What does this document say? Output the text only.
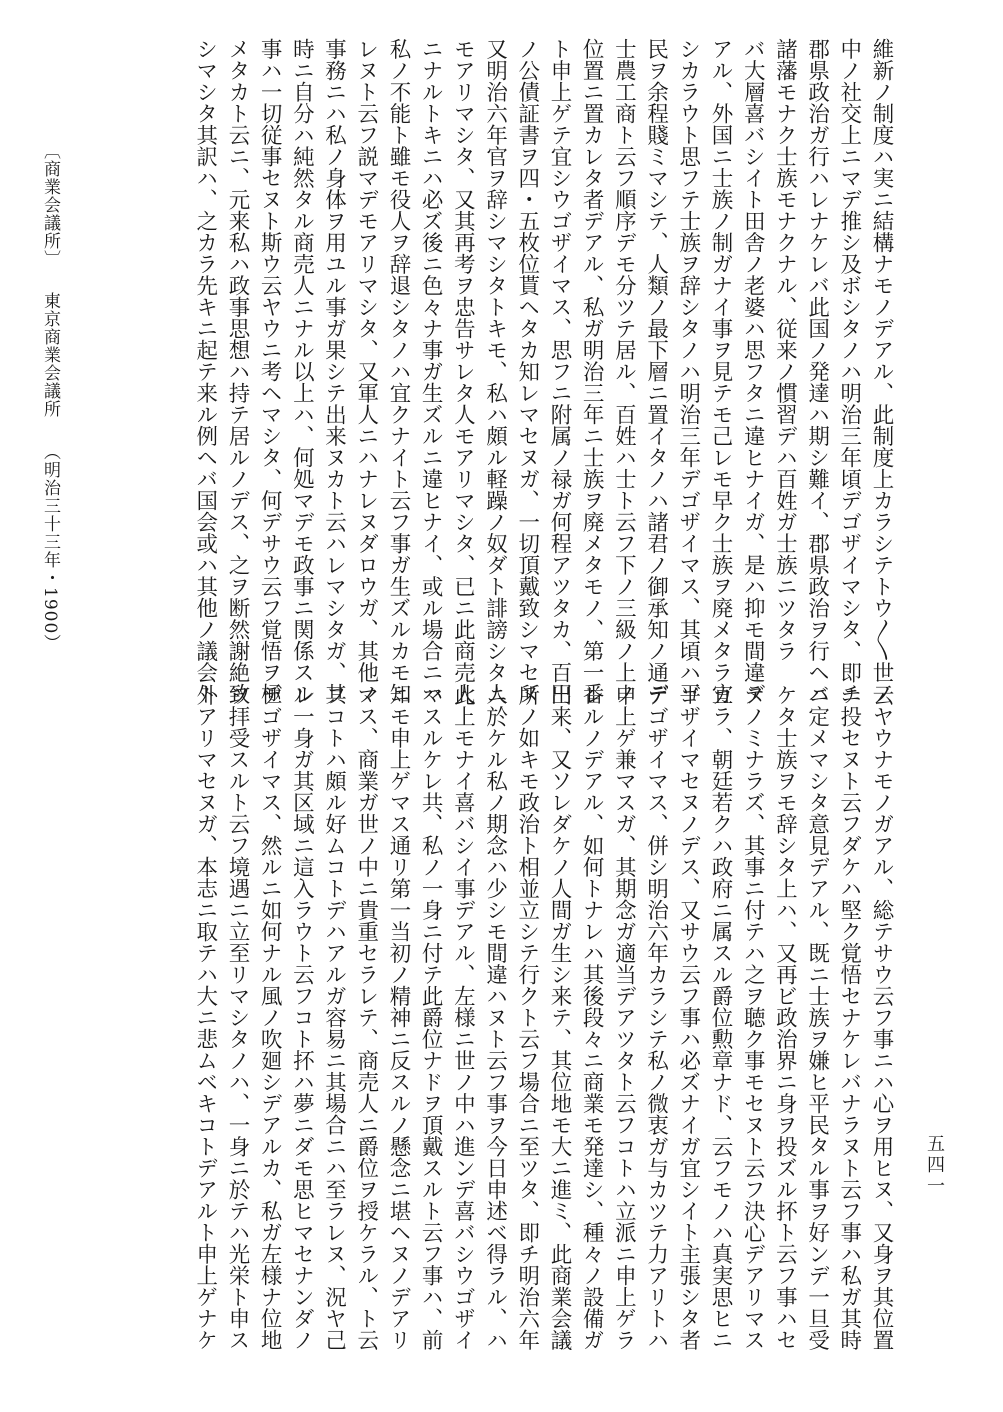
維新ノ制度ハ実ニ結構ナモノデアル、此制度上カラシテトウ〳〵世ノ

中ノ社交上ニマデ推シ及ボシタノハ明治三年頃デゴザイマシタ、即チ

郡県政治ガ行ハレナケレバ此国ノ発達ハ期シ難イ、郡県政治ヲ行ヘバ

諸藩モナク士族モナクナル、従来ノ慣習デハ百姓ガ士族ニツタラ

バ大層喜バシイト田舎ノ老婆ハ思フタニ違ヒナイガ、是ハ抑モ間違デ

アル、外国ニ士族ノ制ガナイ事ヲ見テモ己レモ早ク士族ヲ廃メタラ宜

シカラウト思フテ士族ヲ辞シタノハ明治三年デゴザイマス、其頃ハ平

民ヲ余程賤ミマシテ、人類ノ最下層ニ置イタノハ諸君ノ御承知ノ通デ

士農工商ト云フ順序デモ分ツテ居ル、百姓ハ士ト云フ下ノ三級ノ上ノ

位置ニ置カレタ者デアル、私ガ明治三年ニ士族ヲ廃メタモノ、第一番

ト申上ゲテ宜シウゴザイマス、思フニ附属ノ禄ガ何程アツタカ、百円

ノ公債証書ヲ四・五枚位貰ヘタカ知レマセヌガ、一切頂戴致シマセヌ

又明治六年官ヲ辞シマシタトキモ、私ハ頗ル軽躁ノ奴ダト誹謗シタ人

モアリマシタ、又其再考ヲ忠告サレタ人モアリマシタ、已ニ此商売人

ニナルトキニハ必ズ後ニ色々ナ事ガ生ズルニ違ヒナイ、或ル場合ニハ

私ノ不能ト雖モ役人ヲ辞退シタノハ宜クナイト云フ事ガ生ズルカモ知

レヌト云フ説マデモアリマシタ、又軍人ニハナレヌダロウガ、其他ノ

事務ニハ私ノ身体ヲ用ユル事ガ果シテ出来ヌカト云ハレマシタガ、其

時ニ自分ハ純然タル商売人ニナル以上ハ、何処マデモ政事ニ関係スル

事ハ一切従事セヌト斯ウ云ヤウニ考ヘマシタ、何デサウ云フ覚悟ヲ極

メタカト云ニ、元来私ハ政事思想ハ持テ居ルノデス、之ヲ断然謝絶致

シマシタ其訳ハ、之カラ先キニ起テ来ル例ヘバ国会或ハ其他ノ議会ト

云ヤウナモノガアル、総テサウ云フ事ニハ心ヲ用ヒヌ、又身ヲ其位置

ニ投セヌト云フダケハ堅ク覚悟セナケレバナラヌト云フ事ハ私ガ其時

ニ定メマシタ意見デアル、既ニ士族ヲ嫌ヒ平民タル事ヲ好ンデ一旦受

ケタ士族ヲモ辞シタ上ハ、又再ビ政治界ニ身ヲ投ズル抔ト云フ事ハセ

ヌノミナラズ、其事ニ付テハ之ヲ聴ク事モセヌト云フ決心デアリマス

カラ、朝廷若クハ政府ニ属スル爵位勲章ナド、云フモノハ真実思ヒニ

ゴザイマセヌノデス、又サウ云フ事ハ必ズナイガ宜シイト主張シタ者

デゴザイマス、併シ明治六年カラシテ私ノ微衷ガ与カツテ力アリトハ

申上ゲ兼マスガ、其期念ガ適当デアツタト云フコトハ立派ニ申上ゲラ

レルノデアル、如何トナレハ其後段々ニ商業モ発達シ、種々ノ設備ガ

出来、又ソレダケノ人間ガ生シ来テ、其位地モ大ニ進ミ、此商業会議

所ノ如キモ政治ト相並立シテ行クト云フ場合ニ至ツタ、即チ明治六年

ニ於ケル私ノ期念ハ少シモ間違ハヌト云フ事ヲ今日申述ベ得ラル、ハ

此上モナイ喜バシイ事デアル、左様ニ世ノ中ハ進ンデ喜バシウゴザイ

マスルケレ共、私ノ一身ニ付テ此爵位ナドヲ頂戴スルト云フ事ハ、前

ニモ申上ゲマス通リ第一当初ノ精神ニ反スルノ懸念ニ堪ヘヌノデアリ

マス、商業ガ世ノ中ニ貴重セラレテ、商売人ニ爵位ヲ授ケラル、ト云

フコトハ頗ル好ムコトデハアルガ容易ニ其場合ニハ至ラレヌ、況ヤ己

レ一身ガ其区域ニ這入ラウト云フコト抔ハ夢ニダモ思ヒマセナンダノ

デゴザイマス、然ルニ如何ナル風ノ吹廻シデアルカ、私ガ左様ナ位地

ヲ拝受スルト云フ境遇ニ立至リマシタノハ、一身ニ於テハ光栄ト申ス

外アリマセヌガ、本志ニ取テハ大ニ悲ムベキコトデアルト申上ゲナケ	五四一
〔商業会議所〕 東京商業会議所 （明治三十三年・1900）
